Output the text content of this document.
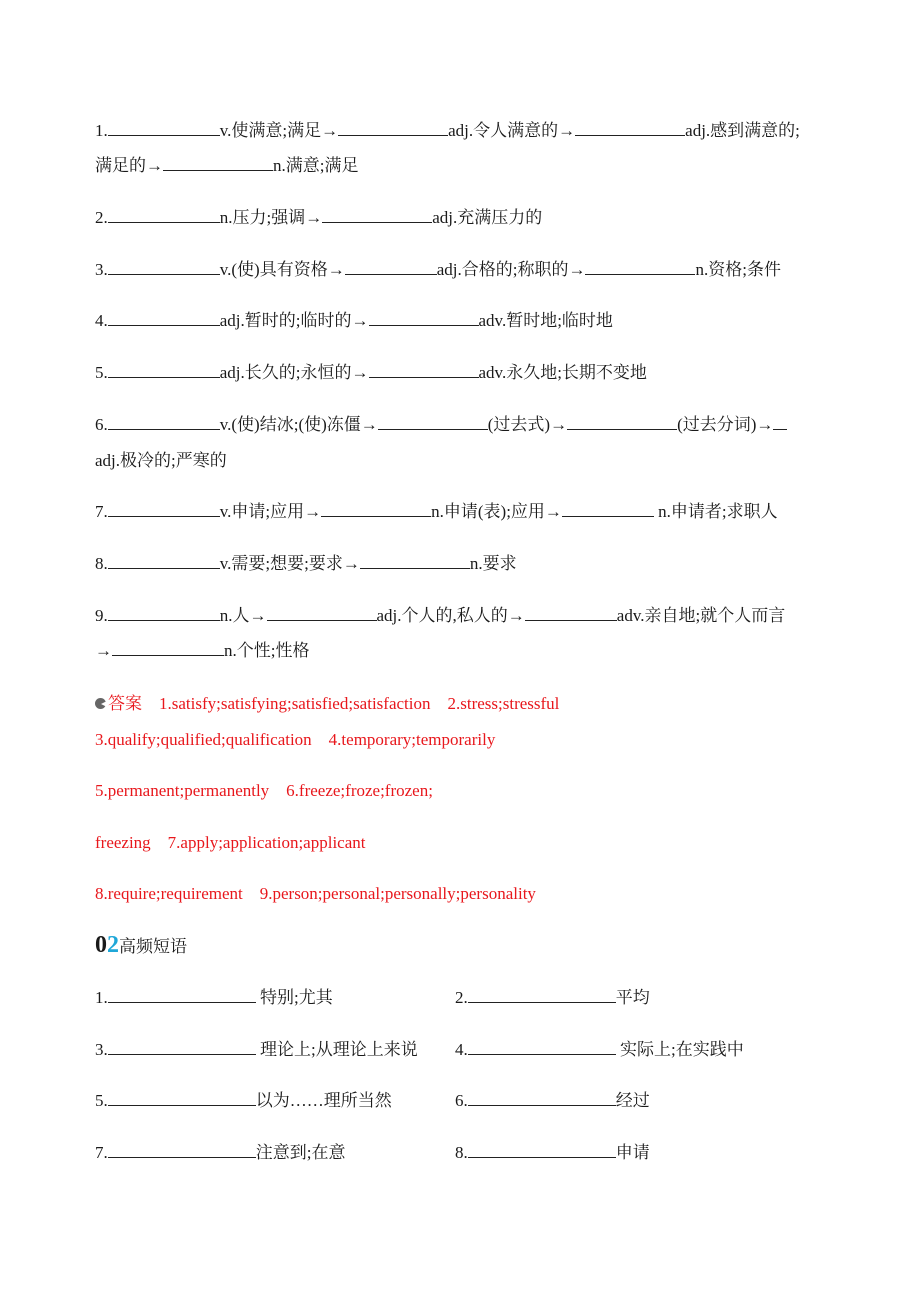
1.	v.使满意;满足→	adj.令人满意的→	adj.感到满意的;
满足的→	n.满意;满足
2.	n.压力;强调→	adj.充满压力的
3.	v.(使)具有资格→	adj.合格的;称职的→	n.资格;条件
4.	adj.暂时的;临时的→	adv.暂时地;临时地
5.	adj.长久的;永恒的→	adv.永久地;长期不变地
6.	v.(使)结冰;(使)冻僵→	(过去式)→	(过去分词)→
adj.极冷的;严寒的
7.	v.申请;应用→	n.申请(表);应用→	n.申请者;求职人
8.	v.需要;想要;要求→	n.要求
9.	n.人→	adj.个人的,私人的→	adv.亲自地;就个人而言
→	n.个性;性格
答案　 1.satisfy;satisfying;satisfied;satisfaction　2.stress;stressful
3.qualify;qualified;qualification　4.temporary;temporarily
5.permanent;permanently　6.freeze;froze;frozen;
freezing　7.apply;application;applicant
8.require;requirement　9.person;personal;personally;personality
02高频短语
1.	特别;尤其	2.	平均
3.	理论上;从理论上来说 4.	实际上;在实践中
5.	以为……理所当然	6.	经过
7.	注意到;在意	8.	申请
